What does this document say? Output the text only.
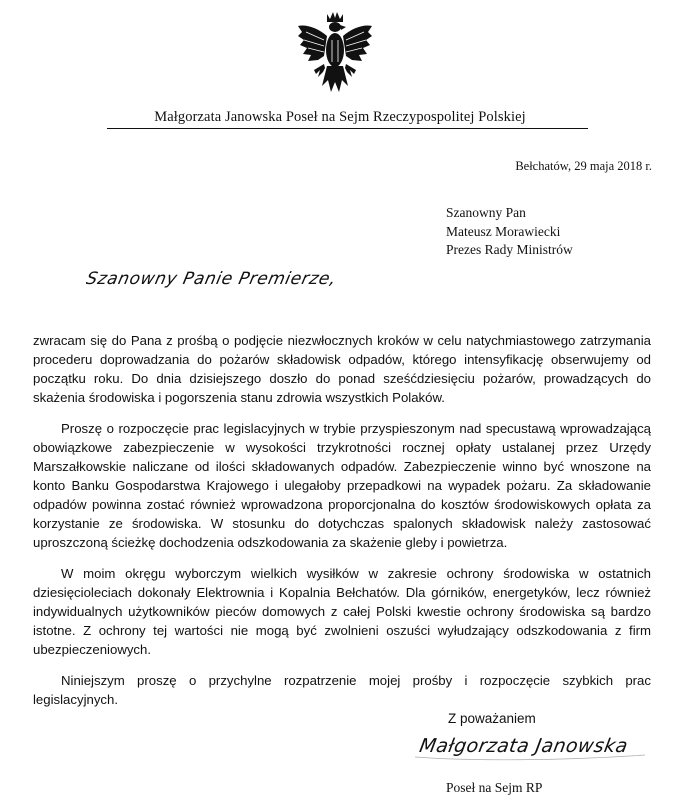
Małgorzata Janowska Poseł na Sejm Rzeczypospolitej Polskiej
Bełchatów, 29 maja 2018 r.
Szanowny Pan
Mateusz Morawiecki
Prezes Rady Ministrów
Szanowny Panie Premierze,

zwracam się do Pana z prośbą o podjęcie niezwłocznych kroków w celu natychmiastowego zatrzymania procederu doprowadzania do pożarów składowisk odpadów, którego intensyfikację obserwujemy od początku roku. Do dnia dzisiejszego doszło do ponad sześćdziesięciu pożarów, prowadzących do skażenia środowiska i pogorszenia stanu zdrowia wszystkich Polaków.

Proszę o rozpoczęcie prac legislacyjnych w trybie przyspieszonym nad specustawą wprowadzającą obowiązkowe zabezpieczenie w wysokości trzykrotności rocznej opłaty ustalanej przez Urzędy Marszałkowskie naliczane od ilości składowanych odpadów. Zabezpieczenie winno być wnoszone na konto Banku Gospodarstwa Krajowego i ulegałoby przepadkowi na wypadek pożaru. Za składowanie odpadów powinna zostać również wprowadzona proporcjonalna do kosztów środowiskowych opłata za korzystanie ze środowiska. W stosunku do dotychczas spalonych składowisk należy zastosować uproszczoną ścieżkę dochodzenia odszkodowania za skażenie gleby i powietrza.

W moim okręgu wyborczym wielkich wysiłków w zakresie ochrony środowiska w ostatnich dziesięcioleciach dokonały Elektrownia i Kopalnia Bełchatów. Dla górników, energetyków, lecz również indywidualnych użytkowników pieców domowych z całej Polski kwestie ochrony środowiska są bardzo istotne. Z ochrony tej wartości nie mogą być zwolnieni oszuści wyłudzający odszkodowania z firm ubezpieczeniowych.

Niniejszym proszę o przychylne rozpatrzenie mojej prośby i rozpoczęcie szybkich prac legislacyjnych.

Z poważaniem
Małgorzata Janowska
Poseł na Sejm RP
